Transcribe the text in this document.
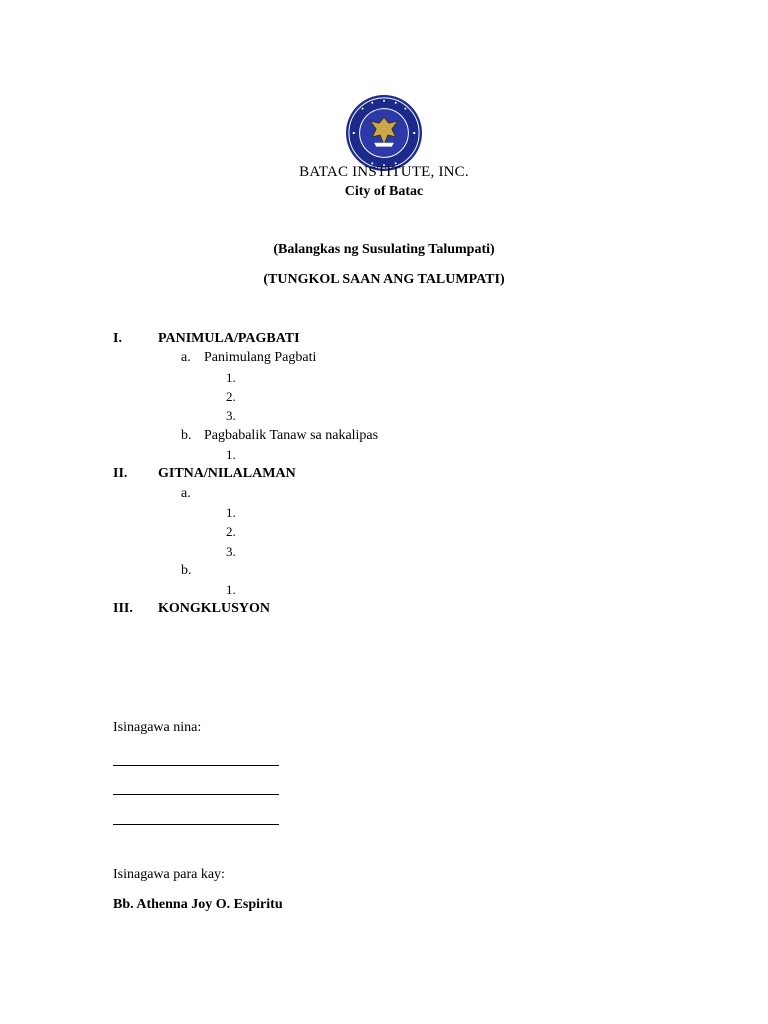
BATAC INSTITUTE, INC.
City of Batac
(Balangkas ng Susulating Talumpati)
(TUNGKOL SAAN ANG TALUMPATI)
I.	PANIMULA/PAGBATI
a. Panimulang Pagbati
1.
2.
3.
b. Pagbabalik Tanaw sa nakalipas
1.
II. GITNA/NILALAMAN
a.
1.
2.
3.
b.
1.
III. KONGKLUSYON
Isinagawa nina:
Isinagawa para kay:
Bb. Athenna Joy O. Espiritu
